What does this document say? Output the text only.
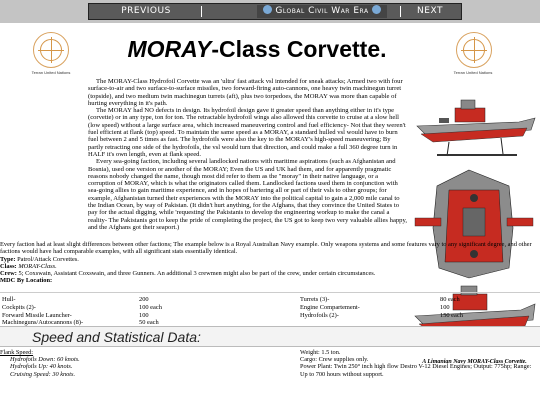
PREVIOUS	Global Civil War Era	NEXT
Terran United Nations
MORAY-Class Corvette.
Terran United Nations

The MORAY-Class Hydrofoil Corvette was an 'ultra' fast attack vsl intended for sneak attacks; Armed two with four surface-to-air and two surface-to-surface missiles, two forward-firing auto-cannons, one heavy twin machinegun turret (topside), and two medium twin machinegun turrets (aft), plus two torpedoes, the MORAY was more than capable of hurting everything in it's path.

The MORAY had NO defects in design. Its hydrofoil design gave it greater speed than anything either in it's type (corvette) or in any type, ton for ton. The retractable hydrofoil wings also allowed this corvette to cruise at a slow hell (low speed) without a large surface area, which increased maneuvering control and fuel efficiency- Not that they weren't fuel efficient at flank (top) speed. To maintain the same speed as a MORAY, a standard hulled vsl would have to burn fuel between 2 and 5 times as fast. The hydrofoils were also the key to the MORAY's high-speed maneuvering; By partly retracting one side of the hydrofoils, the vsl would turn that direction, and could make a full 360 degree turn in HALF it's own length, even at flank speed.

Every sea-going faction, including several landlocked nations with maritime aspirations (such as Afghanistan and Bosnia), used one version or another of the MORAY; Even the US and UK had them, and for apparently pragmatic reasons nobody changed the name, though most did refer to them as the "moray" in their native language, or a corruption of MORAY, which is what the originators called them. Landlocked factions used them in conjunction with sea-going allies to gain maritime experience, and in hopes of bartering all or part of their vsls to other groups; for example, Afghanistan turned their experiences with the MORAY into the political capital to gain a 2,000 mile canal to the Indian Ocean, by way of Pakistan. (It didn't hurt anything, for the Afghans, that they convince the United States to pay for the actual digging, while 'requesting' the Pakistanis to develop the engineering workup to make the canal a reality- The Pakistanis got to keep the pride of completing the project, the US got to keep two very valuable allies happy, and the Afghans got their seaport.)

A Limanian Navy MORAY-Class Corvette.

Every faction had at least slight differences between other factions; The example below is a Royal Australian Navy example. Only weapons systems and some features vary to any significant degree, and other factions would have had comparable examples, with all significant stats essentially identical.

Type: Patrol/Attack Corvettes.

Class: MORAY-Class.

Crew: 5; Coxswain, Assistant Coxswain, and three Gunners. An additional 3 crewmen might also be part of the crew, under certain circumstances.

MDC By Location:

Hull-
Cockpits (2)-
Forward Missile Launcher-
Machineguns/Autocannons (8)-
200
100 each
100
50 each
Turrets (3)-
Engine Compartement-
Hydrofoils (2)-
80 each
100
150 each
Speed and Statistical Data:
Flank Speed:
Hydrofoils Down: 60 knots.
Hydrofoils Up: 40 knots.
Cruising Speed: 30 knots.
Weight: 1.5 ton.
Cargo: Crew supplies only.
Power Plant: Twin 250° inch high flow Destro V-12 Diesel Engines; Output: 775hp; Range: Up to 700 hours without support.
